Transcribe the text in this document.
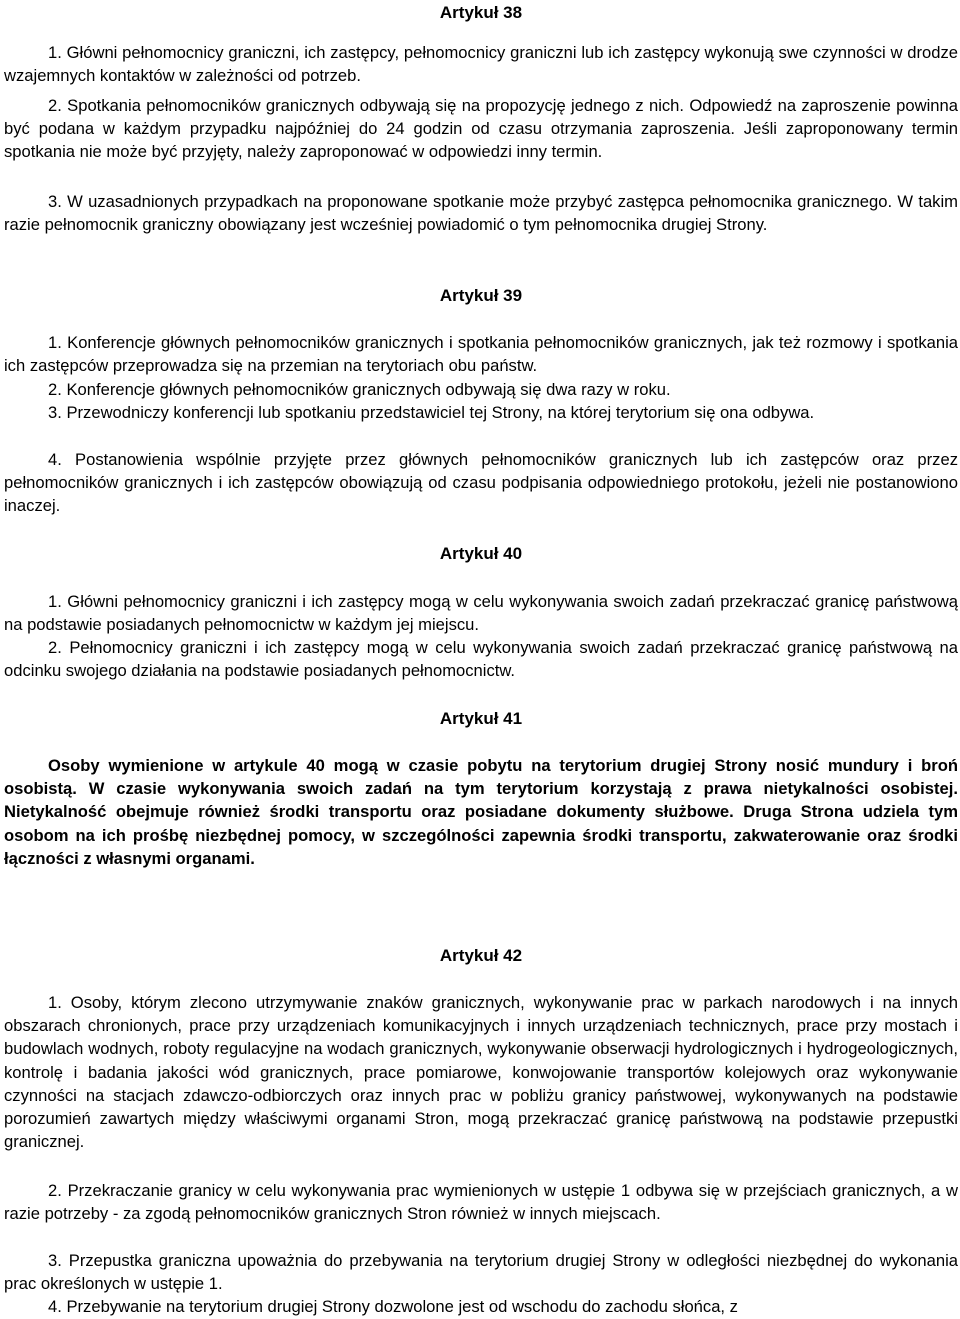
Artykuł 38

1. Główni pełnomocnicy graniczni, ich zastępcy, pełnomocnicy graniczni lub ich zastępcy wykonują swe czynności w drodze wzajemnych kontaktów w zależności od potrzeb.

2. Spotkania pełnomocników granicznych odbywają się na propozycję jednego z nich. Odpowiedź na zaproszenie powinna być podana w każdym przypadku najpóźniej do 24 godzin od czasu otrzymania zaproszenia. Jeśli zaproponowany termin spotkania nie może być przyjęty, należy zaproponować w odpowiedzi inny termin.

3. W uzasadnionych przypadkach na proponowane spotkanie może przybyć zastępca pełnomocnika granicznego. W takim razie pełnomocnik graniczny obowiązany jest wcześniej powiadomić o tym pełnomocnika drugiej Strony.

Artykuł 39

1. Konferencje głównych pełnomocników granicznych i spotkania pełnomocników granicznych, jak też rozmowy i spotkania ich zastępców przeprowadza się na przemian na terytoriach obu państw.

2. Konferencje głównych pełnomocników granicznych odbywają się dwa razy w roku.

3. Przewodniczy konferencji lub spotkaniu przedstawiciel tej Strony, na której terytorium się ona odbywa.

4. Postanowienia wspólnie przyjęte przez głównych pełnomocników granicznych lub ich zastępców oraz przez pełnomocników granicznych i ich zastępców obowiązują od czasu podpisania odpowiedniego protokołu, jeżeli nie postanowiono inaczej.

Artykuł 40

1. Główni pełnomocnicy graniczni i ich zastępcy mogą w celu wykonywania swoich zadań przekraczać granicę państwową na podstawie posiadanych pełnomocnictw w każdym jej miejscu.

2. Pełnomocnicy graniczni i ich zastępcy mogą w celu wykonywania swoich zadań przekraczać granicę państwową na odcinku swojego działania na podstawie posiadanych pełnomocnictw.

Artykuł 41

Osoby wymienione w artykule 40 mogą w czasie pobytu na terytorium drugiej Strony nosić mundury i broń osobistą. W czasie wykonywania swoich zadań na tym terytorium korzystają z prawa nietykalności osobistej. Nietykalność obejmuje również środki transportu oraz posiadane dokumenty służbowe. Druga Strona udziela tym osobom na ich prośbę niezbędnej pomocy, w szczególności zapewnia środki transportu, zakwaterowanie oraz środki łączności z własnymi organami.

Artykuł 42

1. Osoby, którym zlecono utrzymywanie znaków granicznych, wykonywanie prac w parkach narodowych i na innych obszarach chronionych, prace przy urządzeniach komunikacyjnych i innych urządzeniach technicznych, prace przy mostach i budowlach wodnych, roboty regulacyjne na wodach granicznych, wykonywanie obserwacji hydrologicznych i hydrogeologicznych, kontrolę i badania jakości wód granicznych, prace pomiarowe, konwojowanie transportów kolejowych oraz wykonywanie czynności na stacjach zdawczo-odbiorczych oraz innych prac w pobliżu granicy państwowej, wykonywanych na podstawie porozumień zawartych między właściwymi organami Stron, mogą przekraczać granicę państwową na podstawie przepustki granicznej.

2. Przekraczanie granicy w celu wykonywania prac wymienionych w ustępie 1 odbywa się w przejściach granicznych, a w razie potrzeby - za zgodą pełnomocników granicznych Stron również w innych miejscach.

3. Przepustka graniczna upoważnia do przebywania na terytorium drugiej Strony w odległości niezbędnej do wykonania prac określonych w ustępie 1.

4. Przebywanie na terytorium drugiej Strony dozwolone jest od wschodu do zachodu słońca, z
